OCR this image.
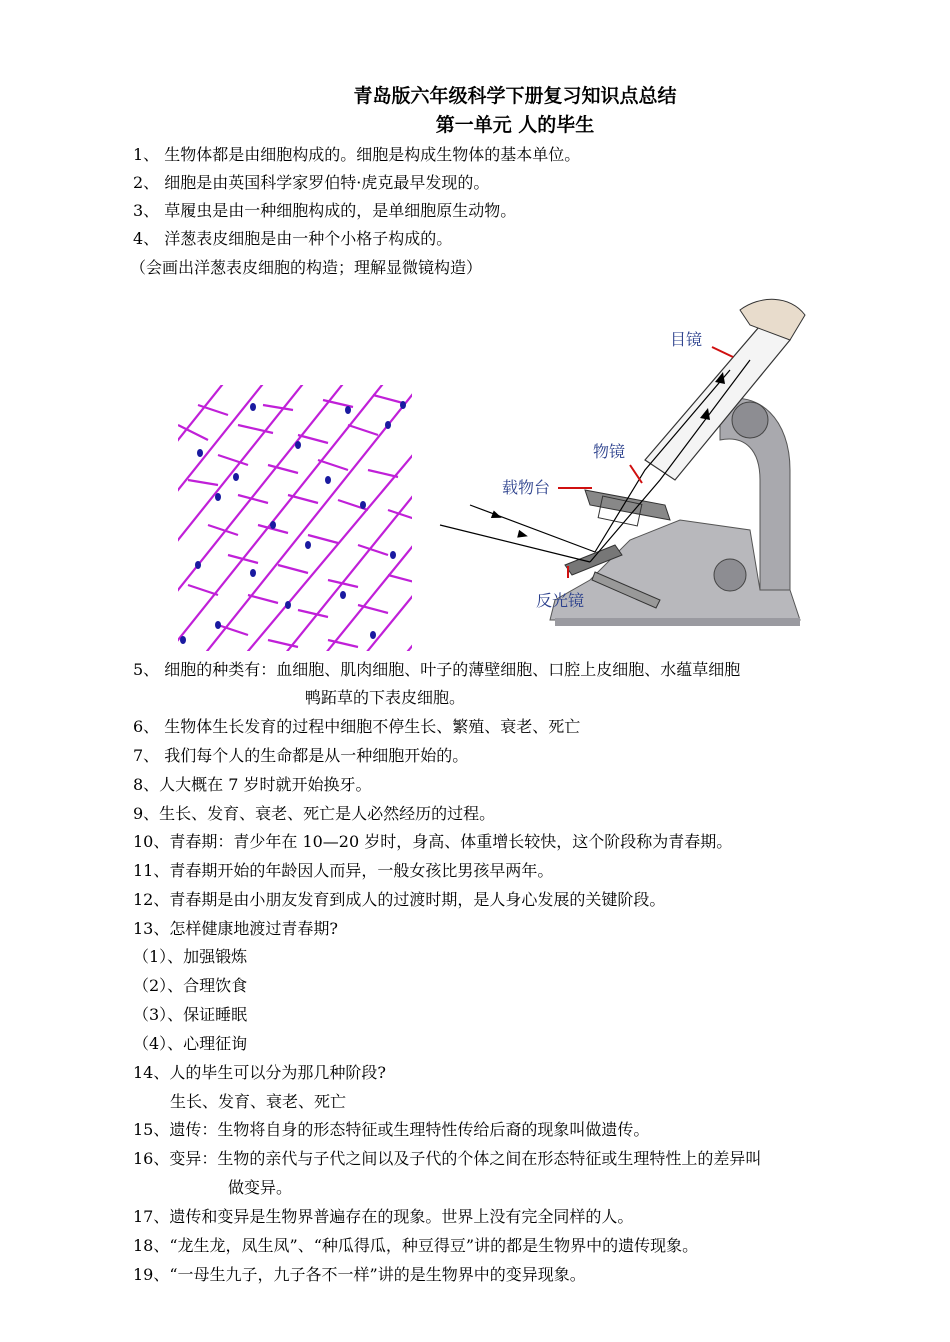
青岛版六年级科学下册复习知识点总结
第一单元 人的毕生
1、 生物体都是由细胞构成的。细胞是构成生物体的基本单位。
2、 细胞是由英国科学家罗伯特·虎克最早发现的。
3、 草履虫是由一种细胞构成的，是单细胞原生动物。
4、 洋葱表皮细胞是由一种个小格子构成的。
（会画出洋葱表皮细胞的构造；理解显微镜构造）
目镜
物镜
载物台
反光镜
5、 细胞的种类有：血细胞、肌肉细胞、叶子的薄壁细胞、口腔上皮细胞、水蕴草细胞
鸭跖草的下表皮细胞。
6、 生物体生长发育的过程中细胞不停生长、繁殖、衰老、死亡
7、 我们每个人的生命都是从一种细胞开始的。
8、人大概在 7 岁时就开始换牙。
9、生长、发育、衰老、死亡是人必然经历的过程。
10、青春期：青少年在 10—20 岁时，身高、体重增长较快，这个阶段称为青春期。
11、青春期开始的年龄因人而异，一般女孩比男孩早两年。
12、青春期是由小朋友发育到成人的过渡时期，是人身心发展的关键阶段。
13、怎样健康地渡过青春期?
（1）、加强锻炼
（2）、合理饮食
（3）、保证睡眠
（4）、心理征询
14、人的毕生可以分为那几种阶段?
生长、发育、衰老、死亡
15、遗传：生物将自身的形态特征或生理特性传给后裔的现象叫做遗传。
16、变异：生物的亲代与子代之间以及子代的个体之间在形态特征或生理特性上的差异叫
做变异。
17、遗传和变异是生物界普遍存在的现象。世界上没有完全同样的人。
18、“龙生龙，凤生凤”、“种瓜得瓜，种豆得豆”讲的都是生物界中的遗传现象。
19、“一母生九子，九子各不一样”讲的是生物界中的变异现象。
